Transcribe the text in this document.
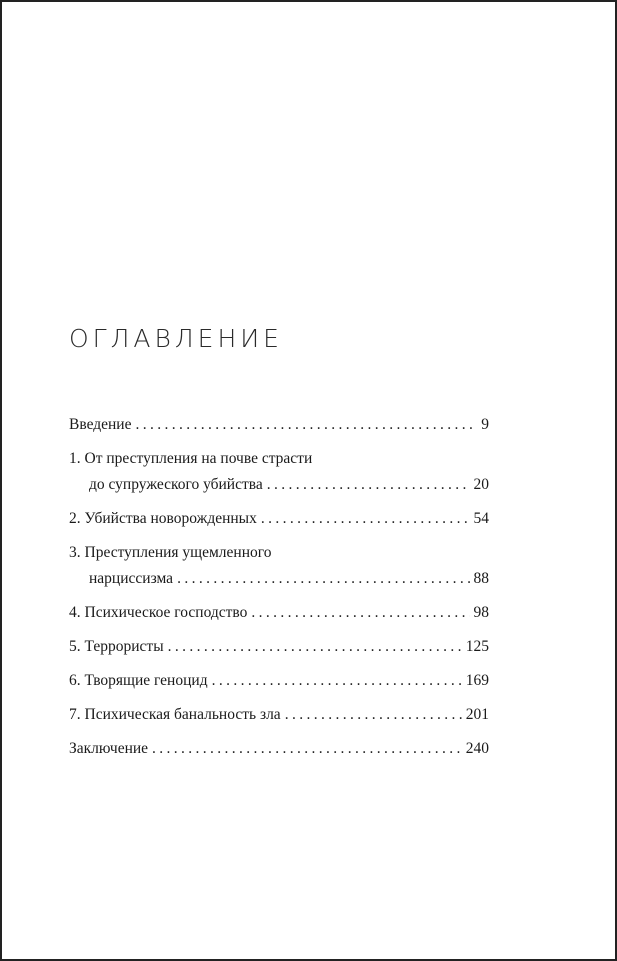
ОГЛАВЛЕНИЕ
Введение . . .	9
1. От преступления на почве страсти
до супружеского убийства . . .	20
2. Убийства новорожденных . . .	54
3. Преступления ущемленного
нарциссизма . . .	88
4. Психическое господство . . .	98
5. Террористы . . .	125
6. Творящие геноцид . . .	169
7. Психическая банальность зла . . .	201
Заключение . . .	240
